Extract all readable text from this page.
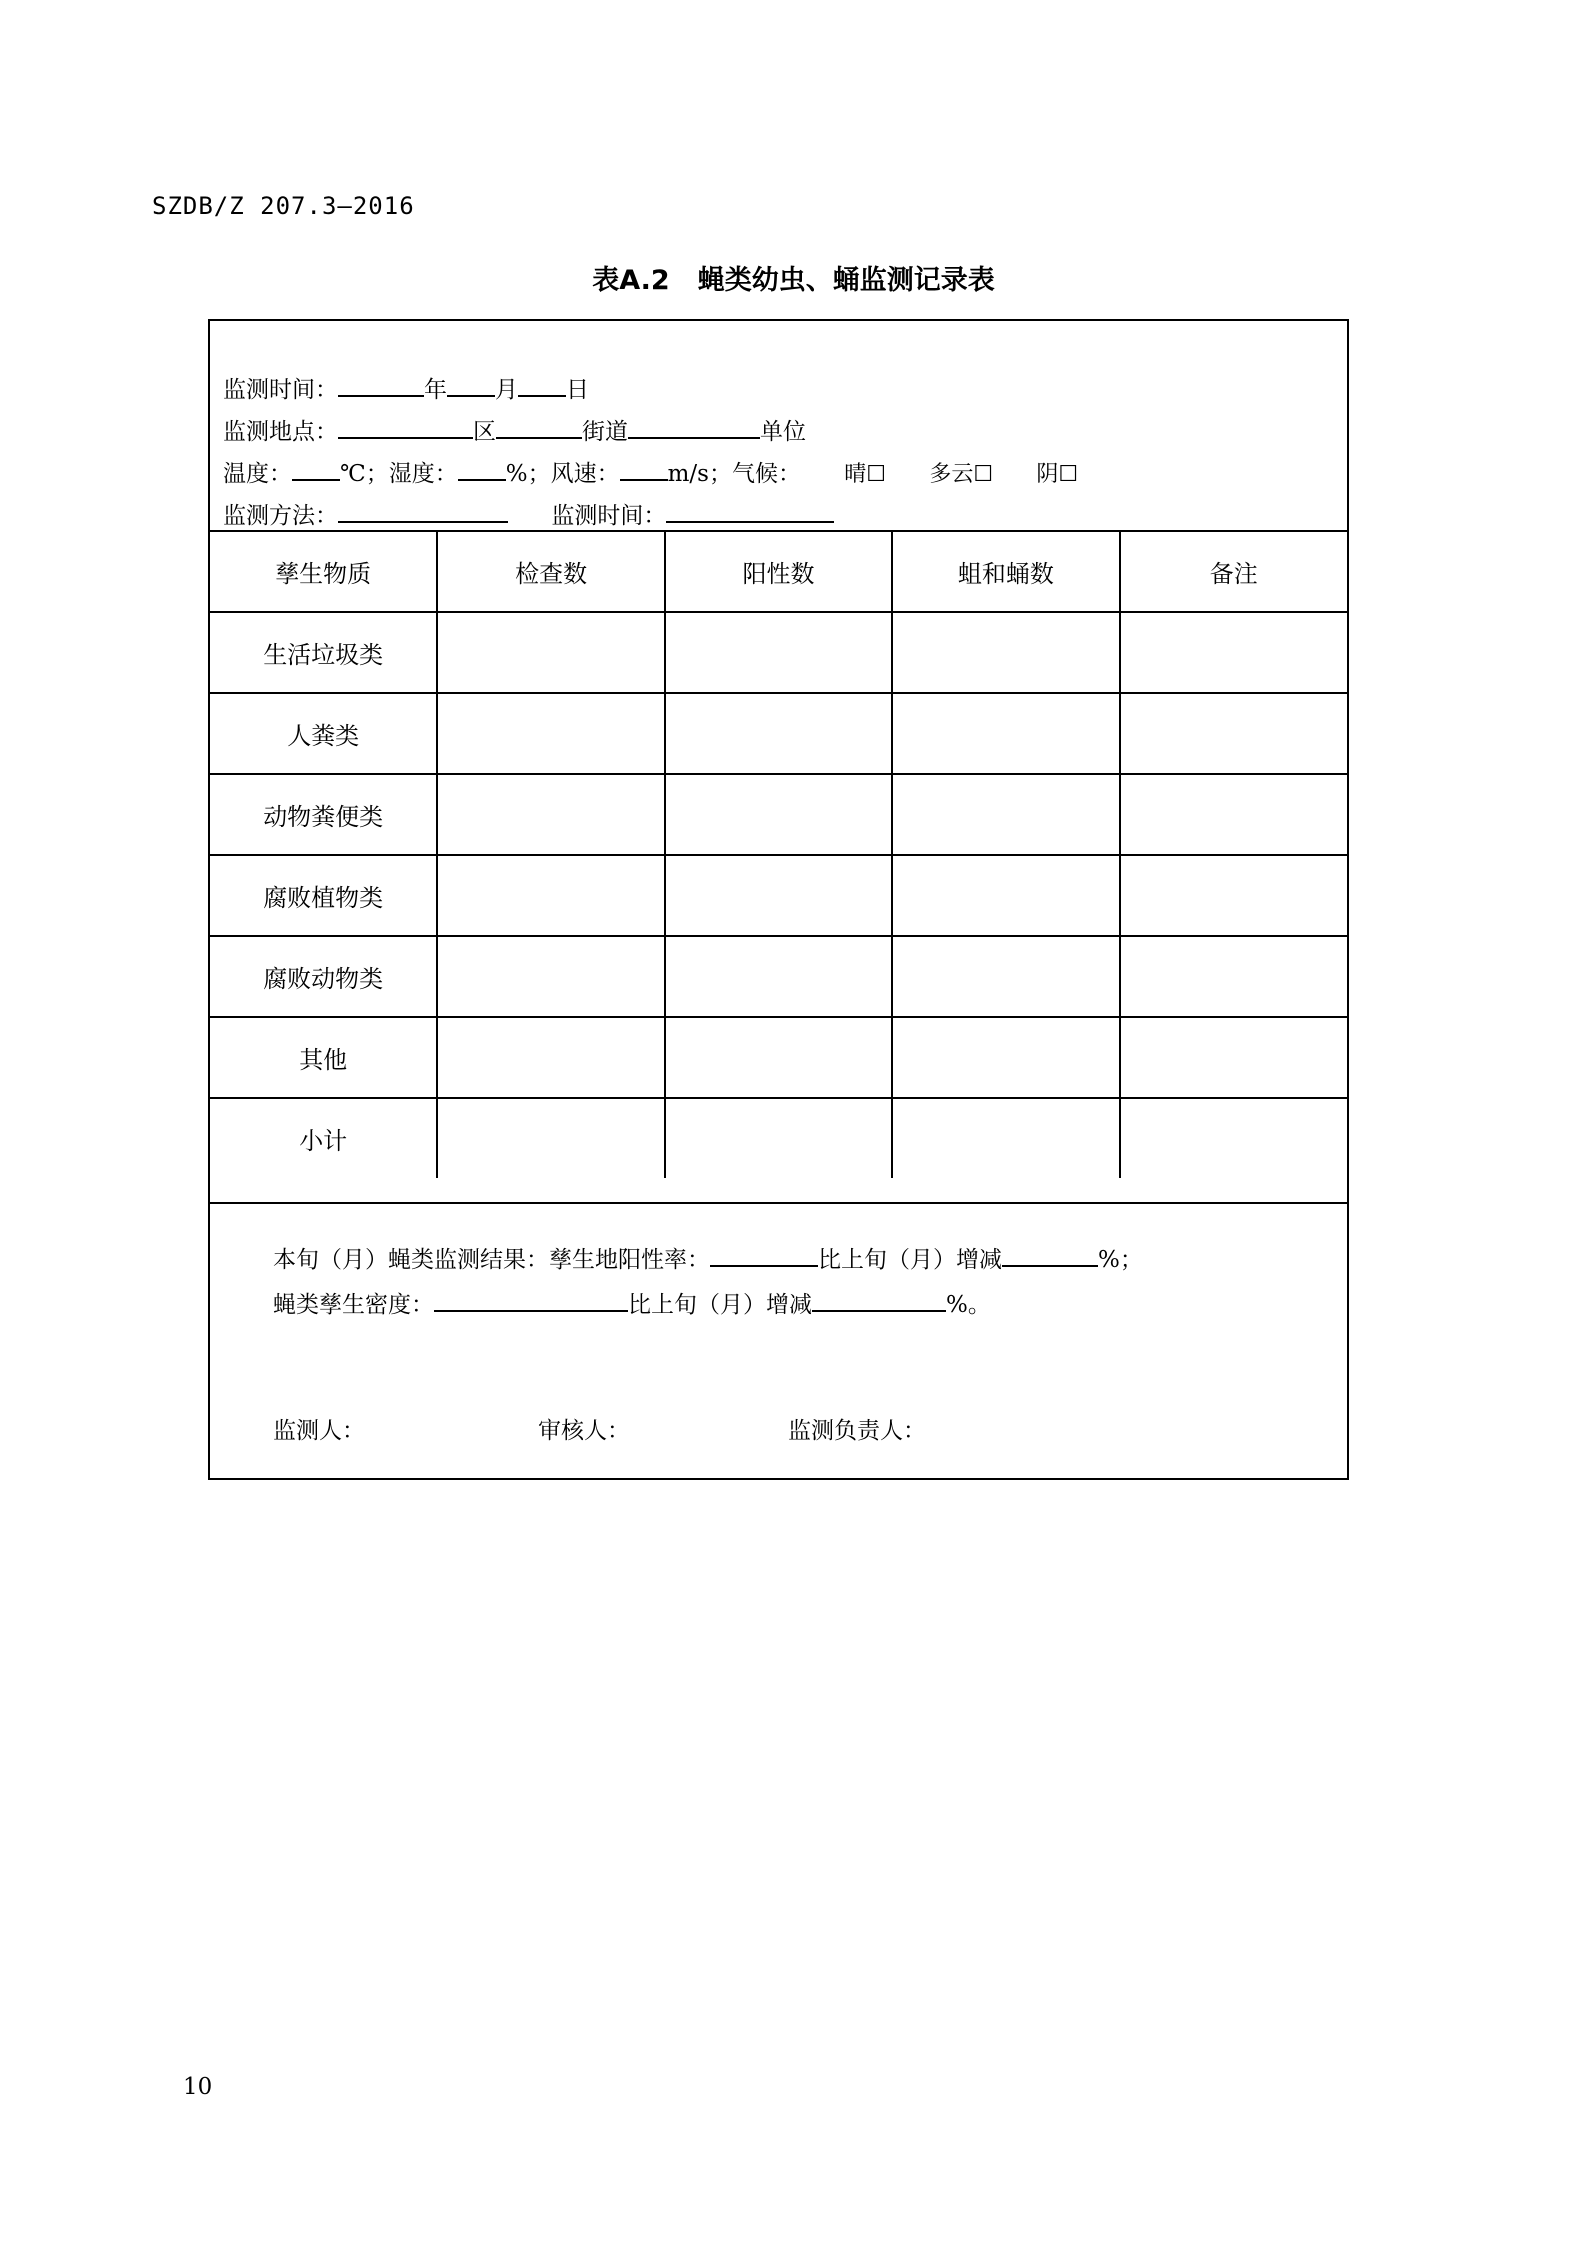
SZDB/Z 207.3—2016
表A.2 蝇类幼虫、蛹监测记录表
监测时间：	年 月 日
监测地点：	区	街道	单位
温度： ℃；湿度： %；风速： m/s；气候： 晴☐ 多云☐ 阴☐
监测方法：	监测时间：
孳生物质	检查数	阳性数	蛆和蛹数	备注
生活垃圾类				
人粪类				
动物粪便类				
腐败植物类				
腐败动物类				
其他				
小计				
本旬（月）蝇类监测结果：孳生地阳性率：	比上旬（月）增减	%；
蝇类孳生密度：	比上旬（月）增减	%。
监测人：	审核人：	监测负责人：
10
